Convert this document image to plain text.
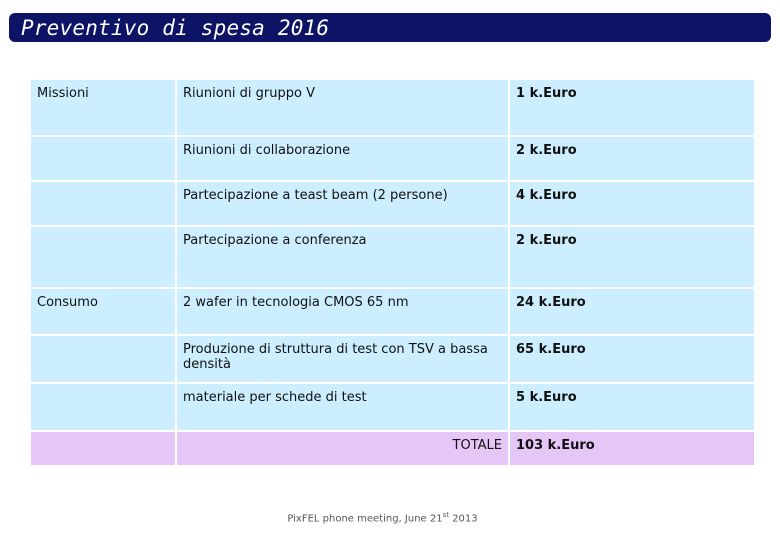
Preventivo di spesa 2016
Missioni	Riunioni di gruppo V	1 k.Euro
	Riunioni di collaborazione	2 k.Euro
	Partecipazione a teast beam (2 persone)	4 k.Euro
	Partecipazione a conferenza	2 k.Euro
Consumo	2 wafer in tecnologia CMOS 65 nm	24 k.Euro
	Produzione di struttura di test con TSV a bassa densità	65 k.Euro
	materiale per schede di test	5 k.Euro
	TOTALE	103 k.Euro
PixFEL phone meeting, June 21st 2013
